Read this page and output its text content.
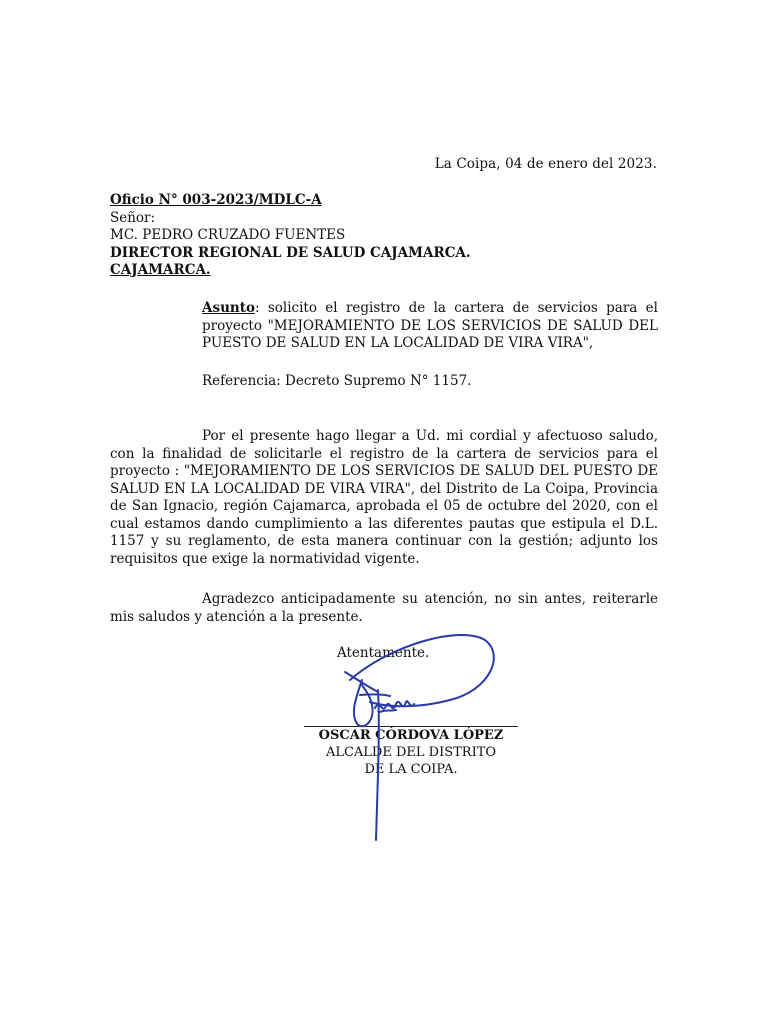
La Coipa, 04 de enero del 2023.
Oficio N° 003-2023/MDLC-A
Señor:
MC. PEDRO CRUZADO FUENTES
DIRECTOR REGIONAL DE SALUD CAJAMARCA.
CAJAMARCA.
Asunto: solicito el registro de la cartera de servicios para el proyecto "MEJORAMIENTO DE LOS SERVICIOS DE SALUD DEL PUESTO DE SALUD EN LA LOCALIDAD DE VIRA VIRA",
Referencia: Decreto Supremo N° 1157.
Por el presente hago llegar a Ud. mi cordial y afectuoso saludo, con la finalidad de solicitarle el registro de la cartera de servicios para el proyecto : "MEJORAMIENTO DE LOS SERVICIOS DE SALUD DEL PUESTO DE SALUD EN LA LOCALIDAD DE VIRA VIRA", del Distrito de La Coipa, Provincia de San Ignacio, región Cajamarca, aprobada el 05 de octubre del 2020, con el cual estamos dando cumplimiento a las diferentes pautas que estipula el D.L. 1157 y su reglamento, de esta manera continuar con la gestión; adjunto los requisitos que exige la normatividad vigente.
Agradezco anticipadamente su atención, no sin antes, reiterarle mis saludos y atención a la presente.
Atentamente.
OSCAR CÓRDOVA LÓPEZ
ALCALDE DEL DISTRITO
DE LA COIPA.
